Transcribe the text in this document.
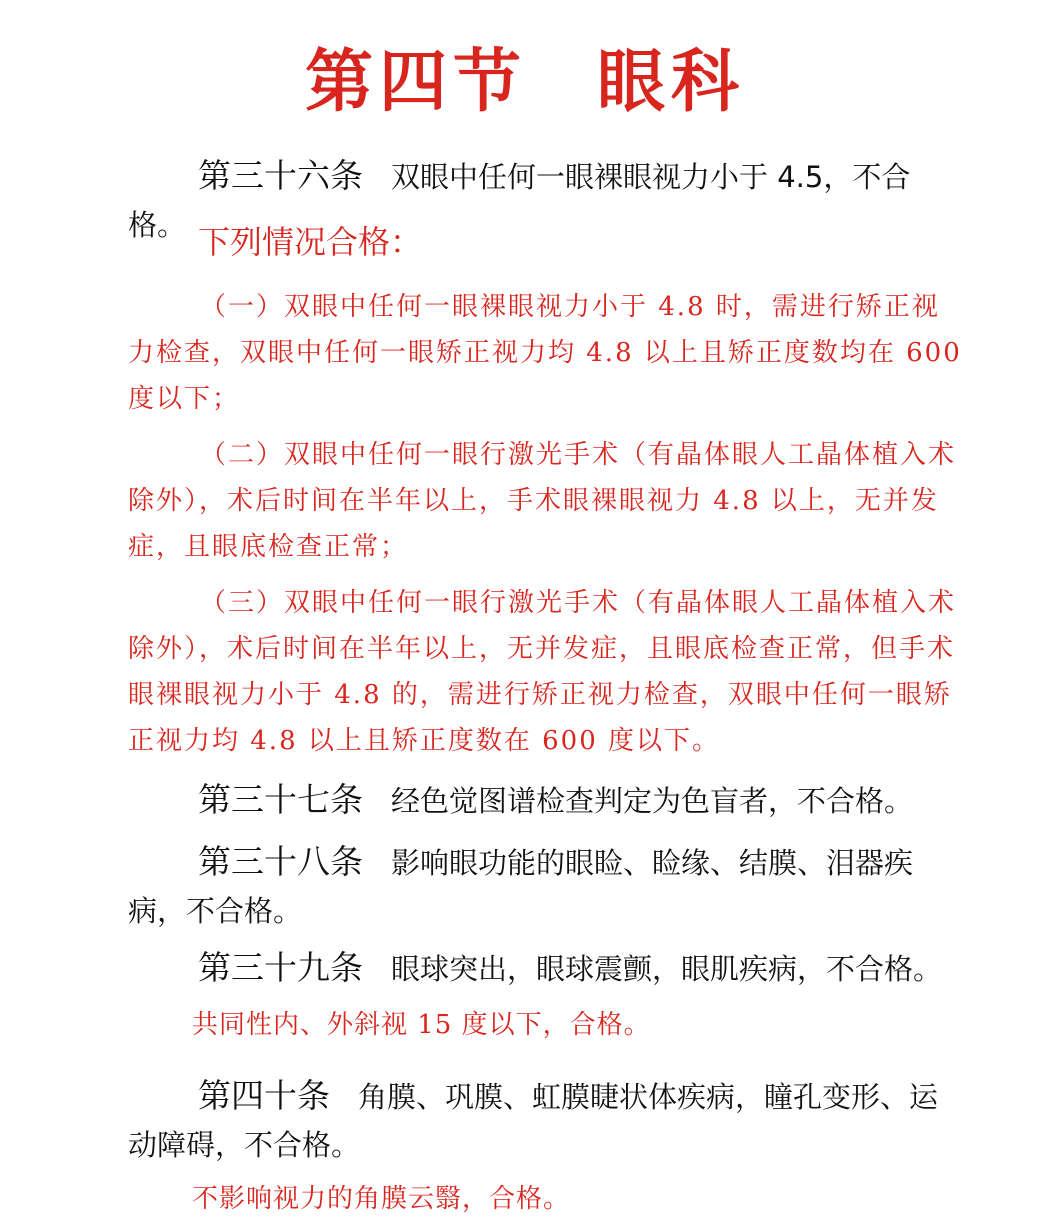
第四节 眼科
第三十六条 双眼中任何一眼裸眼视力小于 4.5，不合格。 下列情况合格：
（一）双眼中任何一眼裸眼视力小于 4.8 时，需进行矫正视力检查，双眼中任何一眼矫正视力均 4.8 以上且矫正度数均在 600 度以下；
（二）双眼中任何一眼行激光手术（有晶体眼人工晶体植入术除外），术后时间在半年以上，手术眼裸眼视力 4.8 以上，无并发症，且眼底检查正常；
（三）双眼中任何一眼行激光手术（有晶体眼人工晶体植入术除外），术后时间在半年以上，无并发症，且眼底检查正常，但手术眼裸眼视力小于 4.8 的，需进行矫正视力检查，双眼中任何一眼矫正视力均 4.8 以上且矫正度数在 600 度以下。
第三十七条 经色觉图谱检查判定为色盲者，不合格。
第三十八条 影响眼功能的眼睑、睑缘、结膜、泪器疾病，不合格。
第三十九条 眼球突出，眼球震颤，眼肌疾病，不合格。
共同性内、外斜视 15 度以下，合格。
第四十条 角膜、巩膜、虹膜睫状体疾病，瞳孔变形、运动障碍，不合格。
不影响视力的角膜云翳，合格。
